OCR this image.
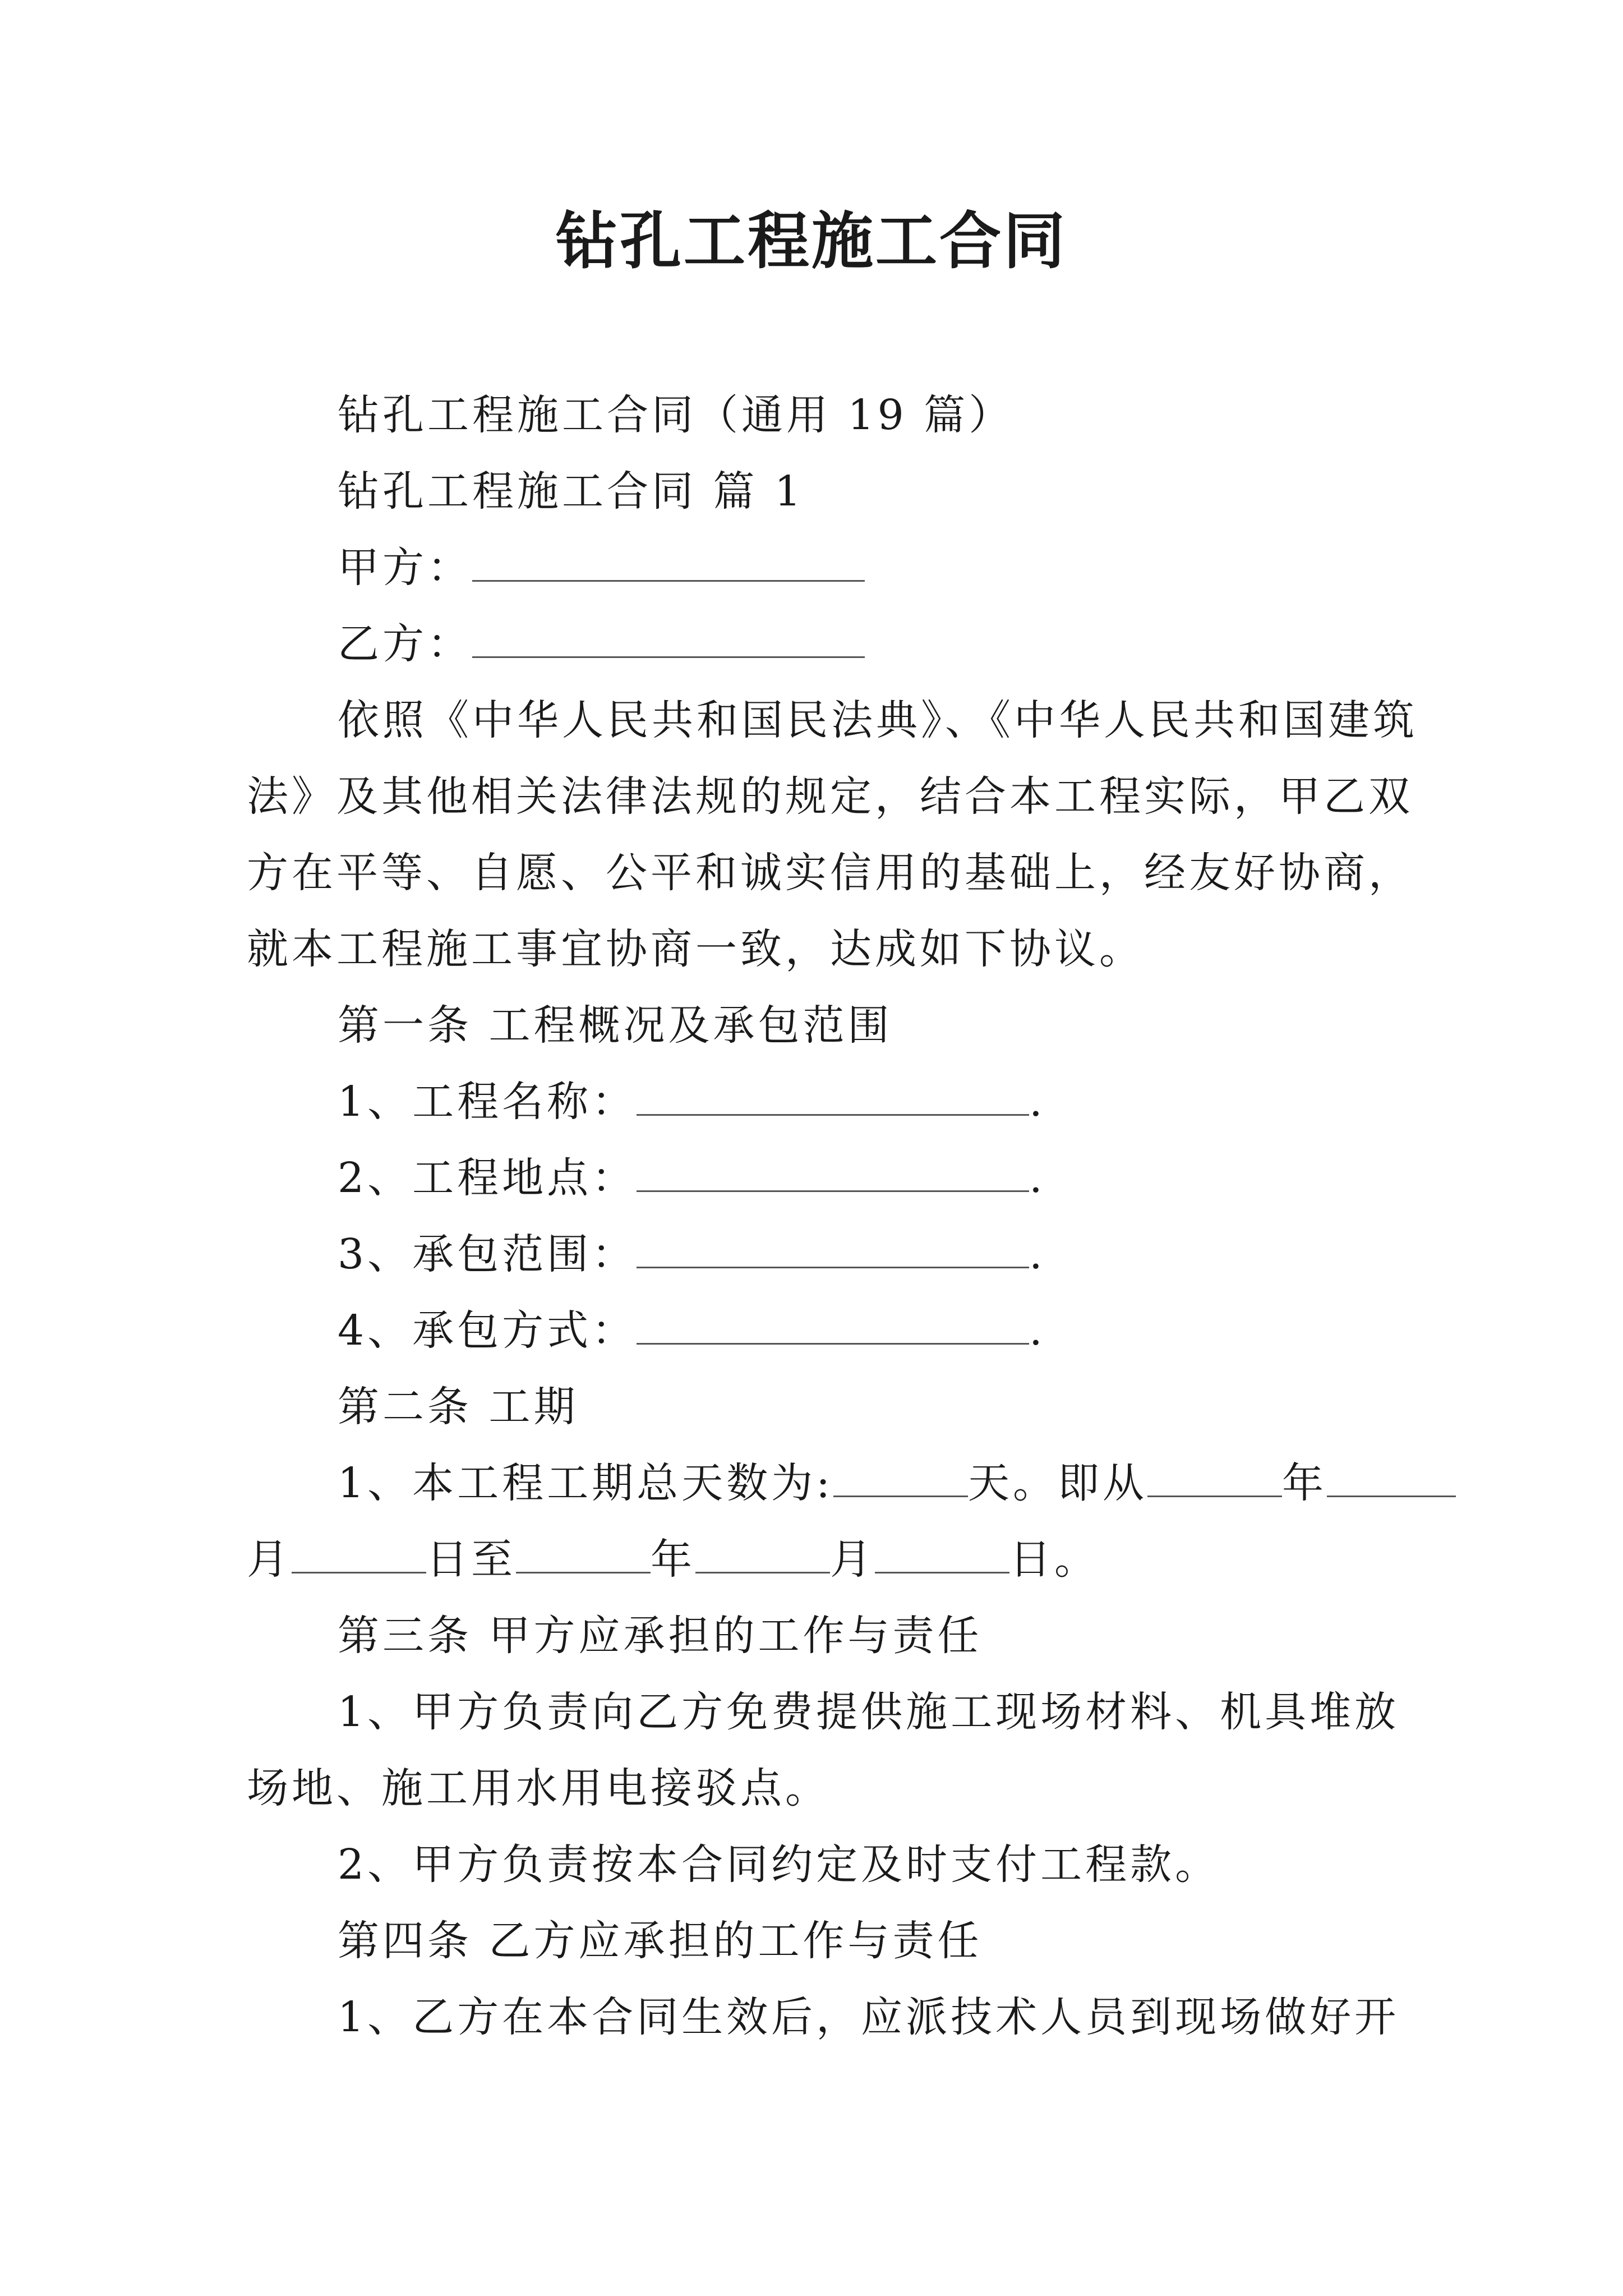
钻孔工程施工合同
钻孔工程施工合同（通用 19 篇）
钻孔工程施工合同 篇 1
甲方：
乙方：
依照《中华人民共和国民法典》、《中华人民共和国建筑
法》及其他相关法律法规的规定，结合本工程实际，甲乙双
方在平等、自愿、公平和诚实信用的基础上，经友好协商，
就本工程施工事宜协商一致，达成如下协议。
第一条 工程概况及承包范围
1、工程名称：	.
2、工程地点：	.
3、承包范围：	.
4、承包方式：	.
第二条 工期
1、本工程工期总天数为:	天。即从	年
月	日至	年	月	日。
第三条 甲方应承担的工作与责任
1、甲方负责向乙方免费提供施工现场材料、机具堆放
场地、施工用水用电接驳点。
2、甲方负责按本合同约定及时支付工程款。
第四条 乙方应承担的工作与责任
1、乙方在本合同生效后，应派技术人员到现场做好开
